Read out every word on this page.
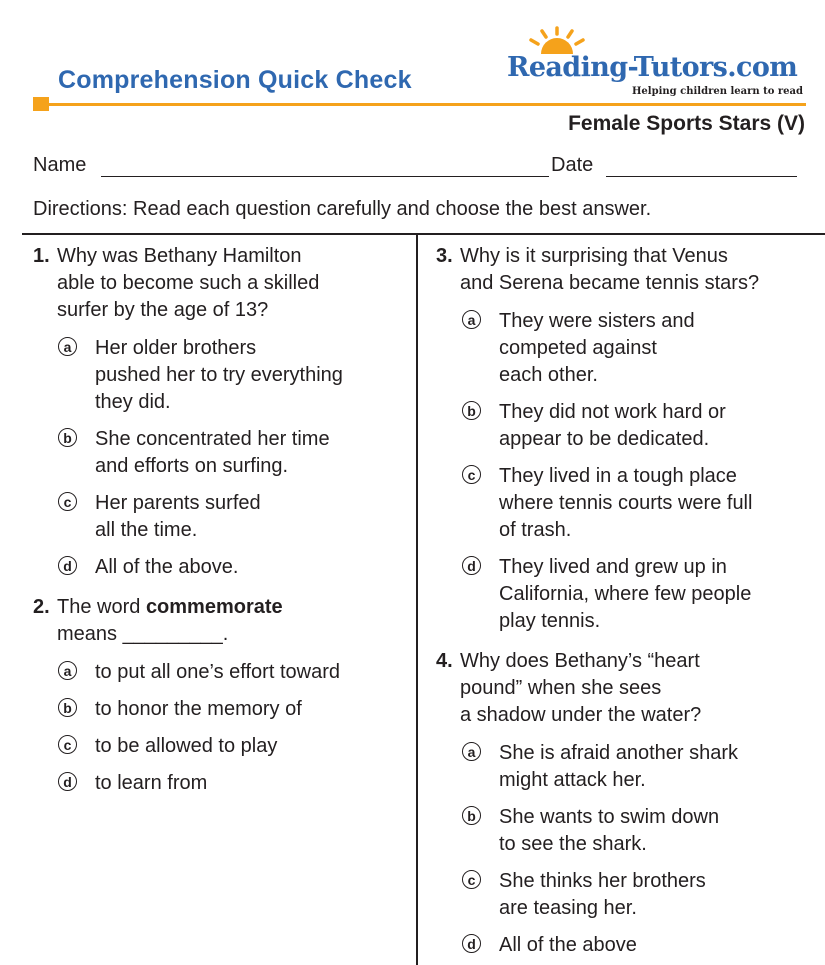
Comprehension Quick Check	Reading-Tutors.com
Helping children learn to read
Female Sports Stars (V)
Name	Date
Directions: Read each question carefully and choose the best answer.
1. Why was Bethany Hamilton
able to become such a skilled
surfer by the age of 13?
a Her older brothers
pushed her to try everything
they did.
b She concentrated her time
and efforts on surfing.
c Her parents surfed
all the time.
d All of the above.
2. The word commemorate
means _________.
a to put all one’s effort toward
b to honor the memory of
c to be allowed to play
d to learn from
3. Why is it surprising that Venus
and Serena became tennis stars?
a They were sisters and
competed against
each other.
b They did not work hard or
appear to be dedicated.
c They lived in a tough place
where tennis courts were full
of trash.
d They lived and grew up in
California, where few people
play tennis.
4. Why does Bethany’s “heart
pound” when she sees
a shadow under the water?
a She is afraid another shark
might attack her.
b She wants to swim down
to see the shark.
c She thinks her brothers
are teasing her.
d All of the above
